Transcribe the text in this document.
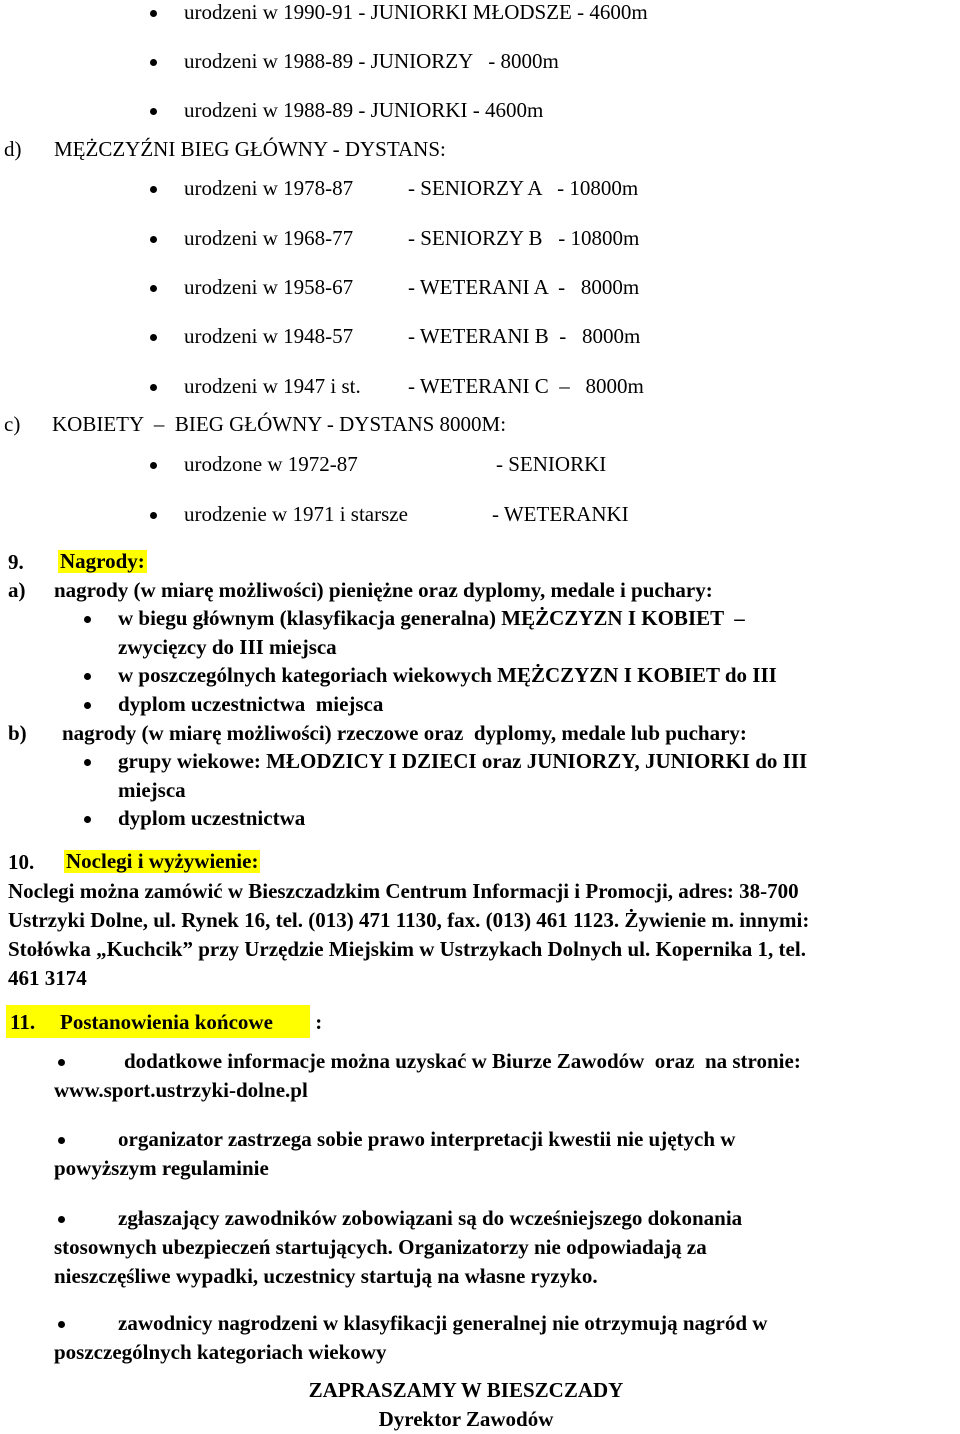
urodzeni w 1990-91 - JUNIORKI MŁODSZE - 4600m
urodzeni w 1988-89 - JUNIORZY   - 8000m
urodzeni w 1988-89 - JUNIORKI - 4600m
d) MĘŻCZYŹNI BIEG GŁÓWNY - DYSTANS:
urodzeni w 1978-87	- SENIORZY A   - 10800m
urodzeni w 1968-77	- SENIORZY B   - 10800m
urodzeni w 1958-67	- WETERANI A  -   8000m
urodzeni w 1948-57	- WETERANI B  -   8000m
urodzeni w 1947 i st. - WETERANI C  –   8000m
c) KOBIETY  –  BIEG GŁÓWNY - DYSTANS 8000M:
urodzone w 1972-87	- SENIORKI
urodzenie w 1971 i starsze	- WETERANKI
9. Nagrody:
a) nagrody (w miarę możliwości) pieniężne oraz dyplomy, medale i puchary:
w biegu głównym (klasyfikacja generalna) MĘŻCZYZN I KOBIET  –
zwycięzcy do III miejsca
w poszczególnych kategoriach wiekowych MĘŻCZYZN I KOBIET do III
dyplom uczestnictwa  miejsca
b) nagrody (w miarę możliwości) rzeczowe oraz  dyplomy, medale lub puchary:
grupy wiekowe: MŁODZICY I DZIECI oraz JUNIORZY, JUNIORKI do III
miejsca
dyplom uczestnictwa
10. Noclegi i wyżywienie:
Noclegi można zamówić w Bieszczadzkim Centrum Informacji i Promocji, adres: 38-700
Ustrzyki Dolne, ul. Rynek 16, tel. (013) 471 1130, fax. (013) 461 1123. Żywienie m. innymi:
Stołówka „Kuchcik” przy Urzędzie Miejskim w Ustrzykach Dolnych ul. Kopernika 1, tel.
461 3174
11. Postanowienia końcowe :
dodatkowe informacje można uzyskać w Biurze Zawodów  oraz  na stronie:
www.sport.ustrzyki-dolne.pl
organizator zastrzega sobie prawo interpretacji kwestii nie ujętych w
powyższym regulaminie
zgłaszający zawodników zobowiązani są do wcześniejszego dokonania
stosownych ubezpieczeń startujących. Organizatorzy nie odpowiadają za
nieszczęśliwe wypadki, uczestnicy startują na własne ryzyko.
zawodnicy nagrodzeni w klasyfikacji generalnej nie otrzymują nagród w
poszczególnych kategoriach wiekowy
ZAPRASZAMY W BIESZCZADY
Dyrektor Zawodów
